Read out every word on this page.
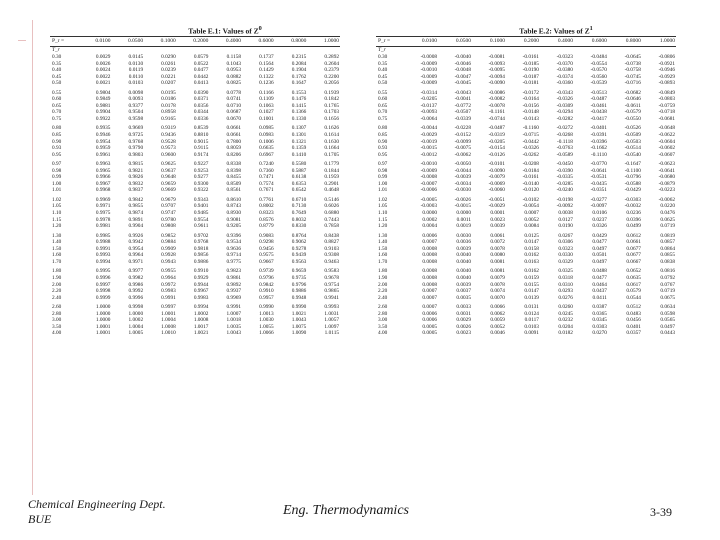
Table E.1: Values of $Z^0$
P_r =	0.0100	0.0500	0.1000	0.2000	0.4000	0.6000	0.8000	1.0000
T_r								
0.30	0.0029	0.0145	0.0290	0.0579	0.1158	0.1737	0.2315	0.2892
0.35	0.0026	0.0130	0.0261	0.0522	0.1043	0.1564	0.2084	0.2604
0.40	0.0024	0.0119	0.0239	0.0477	0.0953	0.1429	0.1904	0.2379
0.45	0.0022	0.0110	0.0221	0.0442	0.0882	0.1322	0.1762	0.2200
0.50	0.0021	0.0103	0.0207	0.0413	0.0825	0.1236	0.1647	0.2056
0.55	0.9804	0.0098	0.0195	0.0390	0.0778	0.1166	0.1553	0.1939
0.60	0.9849	0.0093	0.0186	0.0371	0.0741	0.1109	0.1476	0.1842
0.65	0.9881	0.9377	0.0178	0.0356	0.0710	0.1063	0.1415	0.1765
0.70	0.9904	0.9504	0.8958	0.0344	0.0687	0.1027	0.1366	0.1703
0.75	0.9922	0.9598	0.9165	0.0336	0.0670	0.1001	0.1330	0.1656
0.80	0.9935	0.9669	0.9319	0.8539	0.0661	0.0985	0.1307	0.1626
0.85	0.9946	0.9725	0.9436	0.8810	0.0661	0.0983	0.1301	0.1614
0.90	0.9954	0.9768	0.9528	0.9015	0.7800	0.1006	0.1321	0.1630
0.93	0.9959	0.9790	0.9573	0.9115	0.8059	0.6635	0.1359	0.1664
0.95	0.9961	0.9803	0.9600	0.9174	0.8206	0.6967	0.1410	0.1705
0.97	0.9963	0.9815	0.9625	0.9227	0.8338	0.7240	0.5580	0.1779
0.98	0.9965	0.9821	0.9637	0.9253	0.8398	0.7360	0.5887	0.1844
0.99	0.9966	0.9826	0.9648	0.9277	0.8455	0.7471	0.6138	0.1959
1.00	0.9967	0.9832	0.9659	0.9300	0.8509	0.7574	0.6353	0.2901
1.01	0.9968	0.9837	0.9669	0.9322	0.8561	0.7671	0.6542	0.4648
1.02	0.9969	0.9842	0.9679	0.9343	0.8610	0.7761	0.6710	0.5146
1.05	0.9971	0.9855	0.9707	0.9401	0.8743	0.8002	0.7130	0.6026
1.10	0.9975	0.9874	0.9747	0.9485	0.8930	0.8323	0.7649	0.6880
1.15	0.9978	0.9891	0.9780	0.9554	0.9081	0.8576	0.8032	0.7443
1.20	0.9981	0.9904	0.9808	0.9611	0.9205	0.8779	0.8330	0.7858
1.30	0.9985	0.9926	0.9852	0.9702	0.9396	0.9083	0.8764	0.8438
1.40	0.9988	0.9942	0.9884	0.9768	0.9534	0.9298	0.9062	0.8827
1.50	0.9991	0.9954	0.9909	0.9818	0.9636	0.9456	0.9278	0.9103
1.60	0.9993	0.9964	0.9928	0.9856	0.9714	0.9575	0.9439	0.9308
1.70	0.9994	0.9971	0.9943	0.9886	0.9775	0.9667	0.9563	0.9463
1.80	0.9995	0.9977	0.9955	0.9910	0.9823	0.9739	0.9659	0.9583
1.90	0.9996	0.9982	0.9964	0.9929	0.9861	0.9796	0.9735	0.9678
2.00	0.9997	0.9986	0.9972	0.9944	0.9892	0.9842	0.9796	0.9754
2.20	0.9998	0.9992	0.9983	0.9967	0.9937	0.9910	0.9886	0.9865
2.40	0.9999	0.9996	0.9991	0.9983	0.9969	0.9957	0.9948	0.9941
2.60	1.0000	0.9998	0.9997	0.9994	0.9991	0.9990	0.9990	0.9993
2.80	1.0000	1.0000	1.0001	1.0002	1.0007	1.0013	1.0021	1.0031
3.00	1.0000	1.0002	1.0004	1.0008	1.0018	1.0030	1.0043	1.0057
3.50	1.0001	1.0004	1.0008	1.0017	1.0035	1.0055	1.0075	1.0097
4.00	1.0001	1.0005	1.0010	1.0021	1.0043	1.0066	1.0090	1.0115
Table E.2: Values of $Z^1$
P_r =	0.0100	0.0500	0.1000	0.2000	0.4000	0.6000	0.8000	1.0000
T_r								
0.30	-0.0008	-0.0040	-0.0081	-0.0161	-0.0323	-0.0484	-0.0645	-0.0806
0.35	-0.0009	-0.0046	-0.0093	-0.0185	-0.0370	-0.0554	-0.0738	-0.0921
0.40	-0.0010	-0.0048	-0.0095	-0.0190	-0.0380	-0.0570	-0.0758	-0.0946
0.45	-0.0009	-0.0047	-0.0094	-0.0187	-0.0374	-0.0560	-0.0745	-0.0929
0.50	-0.0009	-0.0045	-0.0090	-0.0181	-0.0360	-0.0539	-0.0716	-0.0893
0.55	-0.0314	-0.0043	-0.0086	-0.0172	-0.0343	-0.0513	-0.0682	-0.0849
0.60	-0.0205	-0.0041	-0.0082	-0.0164	-0.0326	-0.0487	-0.0646	-0.0803
0.65	-0.0137	-0.0772	-0.0078	-0.0156	-0.0309	-0.0461	-0.0611	-0.0759
0.70	-0.0093	-0.0507	-0.1161	-0.0148	-0.0294	-0.0438	-0.0579	-0.0718
0.75	-0.0064	-0.0339	-0.0744	-0.0143	-0.0282	-0.0417	-0.0550	-0.0681
0.80	-0.0044	-0.0228	-0.0487	-0.1160	-0.0272	-0.0401	-0.0526	-0.0648
0.85	-0.0029	-0.0152	-0.0319	-0.0715	-0.0268	-0.0391	-0.0509	-0.0622
0.90	-0.0019	-0.0099	-0.0205	-0.0442	-0.1118	-0.0396	-0.0503	-0.0604
0.93	-0.0015	-0.0075	-0.0154	-0.0326	-0.0763	-0.1662	-0.0514	-0.0602
0.95	-0.0012	-0.0062	-0.0126	-0.0262	-0.0589	-0.1110	-0.0540	-0.0607
0.97	-0.0010	-0.0050	-0.0101	-0.0208	-0.0450	-0.0770	-0.1647	-0.0623
0.98	-0.0009	-0.0044	-0.0090	-0.0184	-0.0390	-0.0641	-0.1100	-0.0641
0.99	-0.0008	-0.0039	-0.0079	-0.0161	-0.0335	-0.0531	-0.0796	-0.0680
1.00	-0.0007	-0.0034	-0.0069	-0.0140	-0.0285	-0.0435	-0.0588	-0.0879
1.01	-0.0006	-0.0030	-0.0060	-0.0120	-0.0240	-0.0351	-0.0429	-0.0223
1.02	-0.0005	-0.0026	-0.0051	-0.0102	-0.0198	-0.0277	-0.0303	-0.0062
1.05	-0.0003	-0.0015	-0.0029	-0.0054	-0.0092	-0.0097	-0.0032	0.0220
1.10	0.0000	0.0000	0.0001	0.0007	0.0038	0.0106	0.0236	0.0476
1.15	0.0002	0.0011	0.0023	0.0052	0.0127	0.0237	0.0396	0.0625
1.20	0.0004	0.0019	0.0039	0.0084	0.0190	0.0326	0.0499	0.0719
1.30	0.0006	0.0030	0.0061	0.0125	0.0267	0.0429	0.0612	0.0819
1.40	0.0007	0.0036	0.0072	0.0147	0.0306	0.0477	0.0661	0.0857
1.50	0.0008	0.0039	0.0078	0.0158	0.0323	0.0497	0.0677	0.0864
1.60	0.0008	0.0040	0.0080	0.0162	0.0330	0.0501	0.0677	0.0855
1.70	0.0008	0.0040	0.0081	0.0163	0.0329	0.0497	0.0667	0.0838
1.80	0.0008	0.0040	0.0081	0.0162	0.0325	0.0488	0.0652	0.0816
1.90	0.0008	0.0040	0.0079	0.0159	0.0318	0.0477	0.0635	0.0792
2.00	0.0008	0.0039	0.0078	0.0155	0.0310	0.0464	0.0617	0.0767
2.20	0.0007	0.0037	0.0074	0.0147	0.0293	0.0437	0.0579	0.0719
2.40	0.0007	0.0035	0.0070	0.0139	0.0276	0.0411	0.0544	0.0675
2.60	0.0007	0.0033	0.0066	0.0131	0.0260	0.0387	0.0512	0.0634
2.80	0.0006	0.0031	0.0062	0.0124	0.0245	0.0365	0.0483	0.0598
3.00	0.0006	0.0029	0.0059	0.0117	0.0232	0.0345	0.0456	0.0565
3.50	0.0005	0.0026	0.0052	0.0103	0.0204	0.0303	0.0401	0.0497
4.00	0.0005	0.0023	0.0046	0.0091	0.0182	0.0270	0.0357	0.0443
Chemical Engineering Dept.
BUE
Eng. Thermodynamics	3-39
